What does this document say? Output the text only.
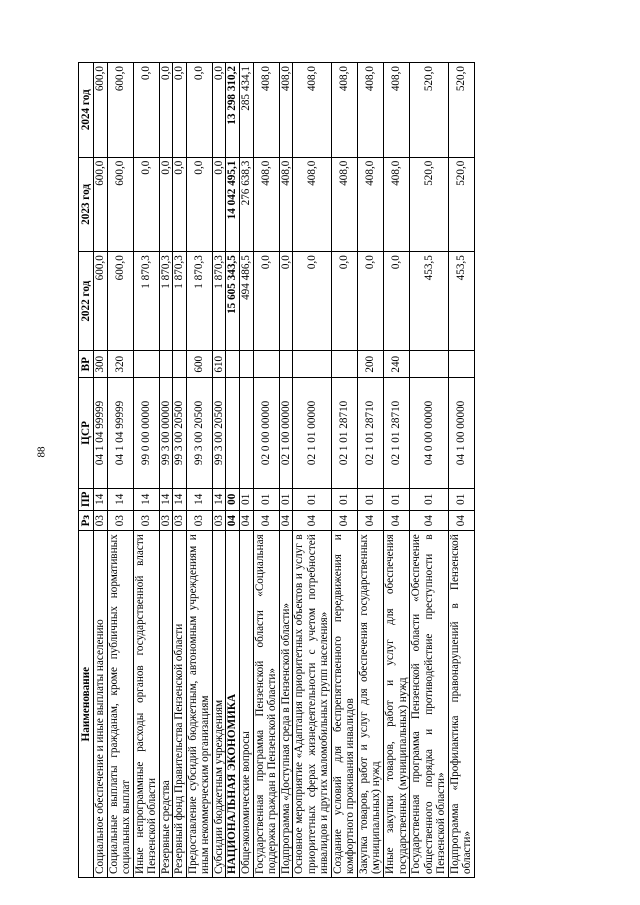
88
Наименование	Рз	ПР	ЦСР	ВР	2022 год	2023 год	2024 год
Социальное обеспечение и иные выплаты населению	03	14	04 1 04 99999	300	600,0	600,0	600,0
Социальные выплаты гражданам, кроме публичных нормативных социальных выплат	03	14	04 1 04 99999	320	600,0	600,0	600,0
Иные непрограммные расходы органов государственной власти Пензенской области	03	14	99 0 00 00000		1 870,3	0,0	0,0
Резервные средства	03	14	99 3 00 00000		1 870,3	0,0	0,0
Резервный фонд Правительства Пензенской области	03	14	99 3 00 20500		1 870,3	0,0	0,0
Предоставление субсидий бюджетным, автономным учреждениям и иным некоммерческим организациям	03	14	99 3 00 20500	600	1 870,3	0,0	0,0
Субсидии бюджетным учреждениям	03	14	99 3 00 20500	610	1 870,3	0,0	0,0
НАЦИОНАЛЬНАЯ ЭКОНОМИКА	04	00			15 605 343,5	14 042 495,1	13 298 310,2
Общеэкономические вопросы	04	01			494 486,5	276 638,3	285 434,1
Государственная программа Пензенской области «Социальная поддержка граждан в Пензенской области»	04	01	02 0 00 00000		0,0	408,0	408,0
Подпрограмма «Доступная среда в Пензенской области»	04	01	02 1 00 00000		0,0	408,0	408,0
Основное мероприятие «Адаптация приоритетных объектов и услуг в приоритетных сферах жизнедеятельности с учетом потребностей инвалидов и других маломобильных групп населения»	04	01	02 1 01 00000		0,0	408,0	408,0
Создание условий для беспрепятственного передвижения и комфортного проживания инвалидов	04	01	02 1 01 28710		0,0	408,0	408,0
Закупка товаров, работ и услуг для обеспечения государственных (муниципальных) нужд	04	01	02 1 01 28710	200	0,0	408,0	408,0
Иные закупки товаров, работ и услуг для обеспечения государственных (муниципальных) нужд	04	01	02 1 01 28710	240	0,0	408,0	408,0
Государственная программа Пензенской области «Обеспечение общественного порядка и противодействие преступности в Пензенской области»	04	01	04 0 00 00000		453,5	520,0	520,0
Подпрограмма «Профилактика правонарушений в Пензенской области»	04	01	04 1 00 00000		453,5	520,0	520,0
